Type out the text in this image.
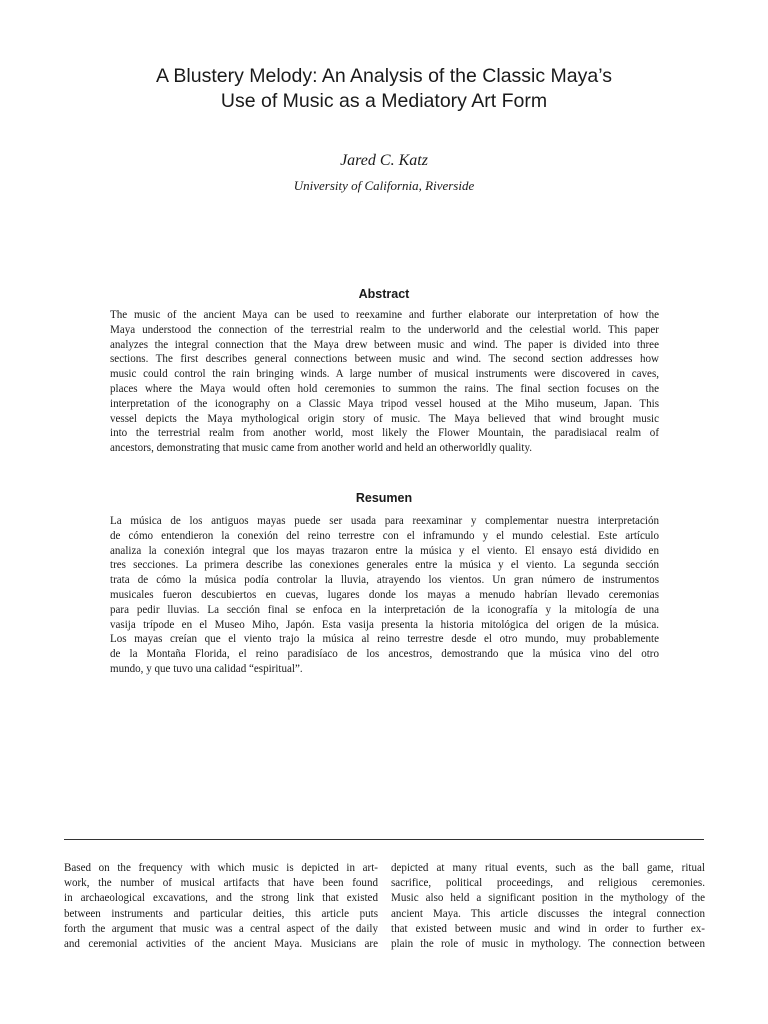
A Blustery Melody: An Analysis of the Classic Maya’s
Use of Music as a Mediatory Art Form
Jared C. Katz
University of California, Riverside
Abstract

The music of the ancient Maya can be used to reexamine and further elaborate our interpretation of how the
Maya understood the connection of the terrestrial realm to the underworld and the celestial world. This paper
analyzes the integral connection that the Maya drew between music and wind. The paper is divided into three
sections. The first describes general connections between music and wind. The second section addresses how
music could control the rain bringing winds. A large number of musical instruments were discovered in caves,
places where the Maya would often hold ceremonies to summon the rains. The final section focuses on the
interpretation of the iconography on a Classic Maya tripod vessel housed at the Miho museum, Japan. This
vessel depicts the Maya mythological origin story of music. The Maya believed that wind brought music
into the terrestrial realm from another world, most likely the Flower Mountain, the paradisiacal realm of
ancestors, demonstrating that music came from another world and held an otherworldly quality.

Resumen

La música de los antiguos mayas puede ser usada para reexaminar y complementar nuestra interpretación
de cómo entendieron la conexión del reino terrestre con el inframundo y el mundo celestial. Este artículo
analiza la conexión integral que los mayas trazaron entre la música y el viento. El ensayo está dividido en
tres secciones. La primera describe las conexiones generales entre la música y el viento. La segunda sección
trata de cómo la música podía controlar la lluvia, atrayendo los vientos. Un gran número de instrumentos
musicales fueron descubiertos en cuevas, lugares donde los mayas a menudo habrían llevado ceremonias
para pedir lluvias. La sección final se enfoca en la interpretación de la iconografía y la mitología de una
vasija trípode en el Museo Miho, Japón. Esta vasija presenta la historia mitológica del origen de la música.
Los mayas creían que el viento trajo la música al reino terrestre desde el otro mundo, muy probablemente
de la Montaña Florida, el reino paradisíaco de los ancestros, demostrando que la música vino del otro
mundo, y que tuvo una calidad “espiritual”.

Based on the frequency with which music is depicted in art-
work, the number of musical artifacts that have been found
in archaeological excavations, and the strong link that existed
between instruments and particular deities, this article puts
forth the argument that music was a central aspect of the daily
and ceremonial activities of the ancient Maya. Musicians are

depicted at many ritual events, such as the ball game, ritual
sacrifice, political proceedings, and religious ceremonies.
Music also held a significant position in the mythology of the
ancient Maya. This article discusses the integral connection
that existed between music and wind in order to further ex-
plain the role of music in mythology. The connection between
